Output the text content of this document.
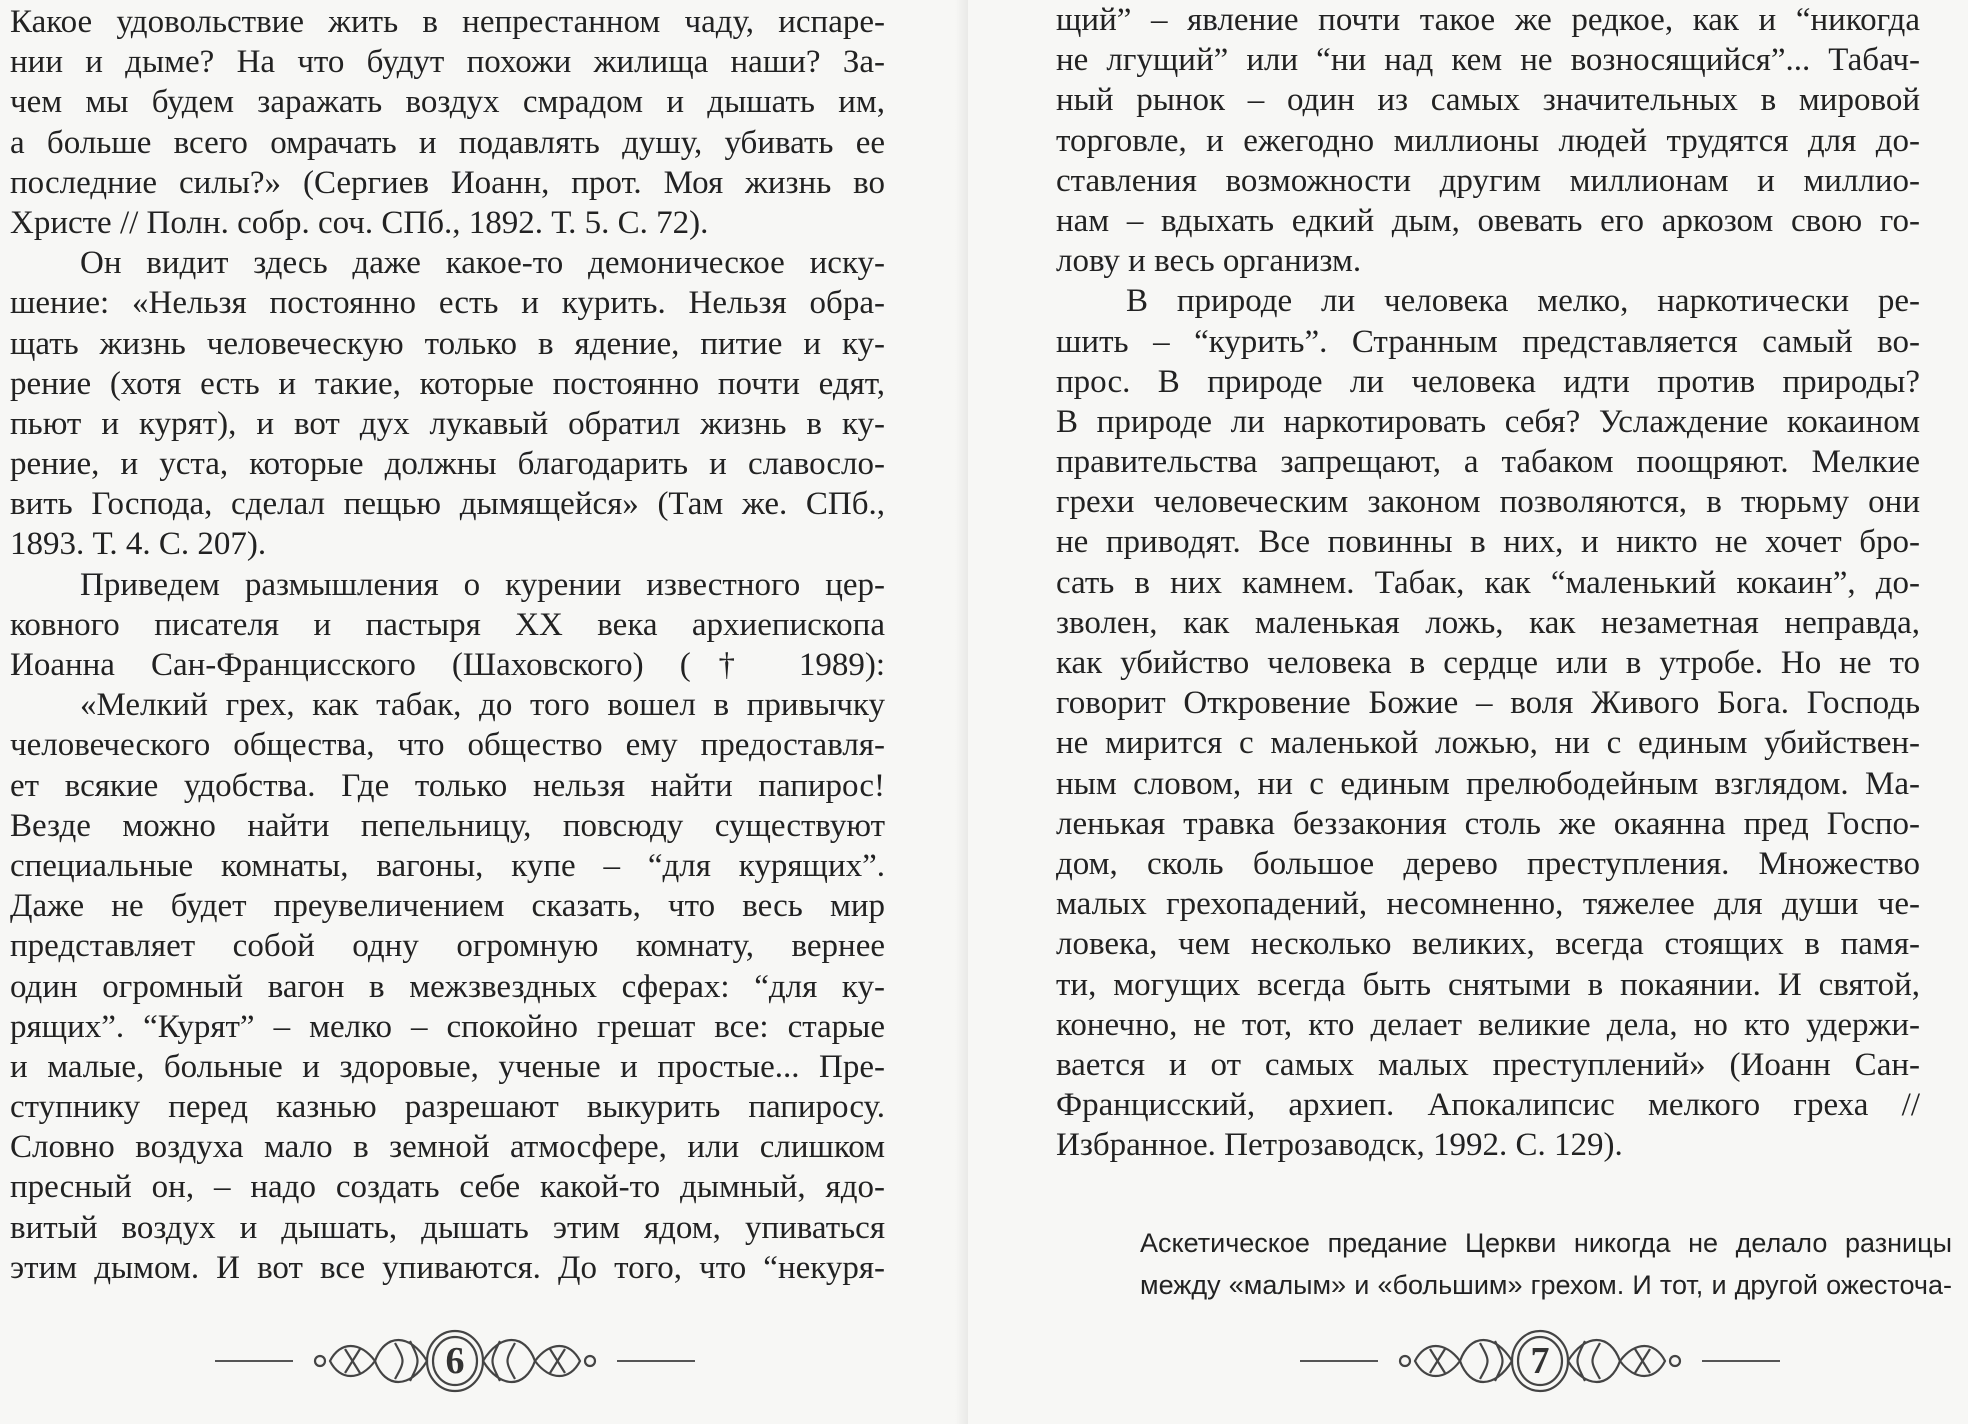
Какое удовольствие жить в непрестанном чаду, испаре-
нии и дыме? На что будут похожи жилища наши? За-
чем мы будем заражать воздух смрадом и дышать им,
а больше всего омрачать и подавлять душу, убивать ее
последние силы?» (Сергиев Иоанн, прот. Моя жизнь во
Христе // Полн. собр. соч. СПб., 1892. Т. 5. С. 72).
Он видит здесь даже какое-то демоническое иску-
шение: «Нельзя постоянно есть и курить. Нельзя обра-
щать жизнь человеческую только в ядение, питие и ку-
рение (хотя есть и такие, которые постоянно почти едят,
пьют и курят), и вот дух лукавый обратил жизнь в ку-
рение, и уста, которые должны благодарить и славосло-
вить Господа, сделал пещью дымящейся» (Там же. СПб.,
1893. Т. 4. С. 207).
Приведем размышления о курении известного цер-
ковного писателя и пастыря XX века архиепископа
Иоанна Сан-Францисского (Шаховского) († 1989):
«Мелкий грех, как табак, до того вошел в привычку
человеческого общества, что общество ему предоставля-
ет всякие удобства. Где только нельзя найти папирос!
Везде можно найти пепельницу, повсюду существуют
специальные комнаты, вагоны, купе – “для курящих”.
Даже не будет преувеличением сказать, что весь мир
представляет собой одну огромную комнату, вернее
один огромный вагон в межзвездных сферах: “для ку-
рящих”. “Курят” – мелко – спокойно грешат все: старые
и малые, больные и здоровые, ученые и простые... Пре-
ступнику перед казнью разрешают выкурить папиросу.
Словно воздуха мало в земной атмосфере, или слишком
пресный он, – надо создать себе какой-то дымный, ядо-
витый воздух и дышать, дышать этим ядом, упиваться
этим дымом. И вот все упиваются. До того, что “некуря-
6
щий” – явление почти такое же редкое, как и “никогда
не лгущий” или “ни над кем не возносящийся”... Табач-
ный рынок – один из самых значительных в мировой
торговле, и ежегодно миллионы людей трудятся для до-
ставления возможности другим миллионам и миллио-
нам – вдыхать едкий дым, овевать его аркозом свою го-
лову и весь организм.
В природе ли человека мелко, наркотически ре-
шить – “курить”. Странным представляется самый во-
прос. В природе ли человека идти против природы?
В природе ли наркотировать себя? Услаждение кокаином
правительства запрещают, а табаком поощряют. Мелкие
грехи человеческим законом позволяются, в тюрьму они
не приводят. Все повинны в них, и никто не хочет бро-
сать в них камнем. Табак, как “маленький кокаин”, до-
зволен, как маленькая ложь, как незаметная неправда,
как убийство человека в сердце или в утробе. Но не то
говорит Откровение Божие – воля Живого Бога. Господь
не мирится с маленькой ложью, ни с единым убийствен-
ным словом, ни с единым прелюбодейным взглядом. Ма-
ленькая травка беззакония столь же окаянна пред Госпо-
дом, сколь большое дерево преступления. Множество
малых грехопадений, несомненно, тяжелее для души че-
ловека, чем несколько великих, всегда стоящих в памя-
ти, могущих всегда быть снятыми в покаянии. И святой,
конечно, не тот, кто делает великие дела, но кто удержи-
вается и от самых малых преступлений» (Иоанн Сан-
Францисский, архиеп. Апокалипсис мелкого греха //
Избранное. Петрозаводск, 1992. С. 129).
7
Аскетическое предание Церкви никогда не делало разницы
между «малым» и «большим» грехом. И тот, и другой ожесточа-
